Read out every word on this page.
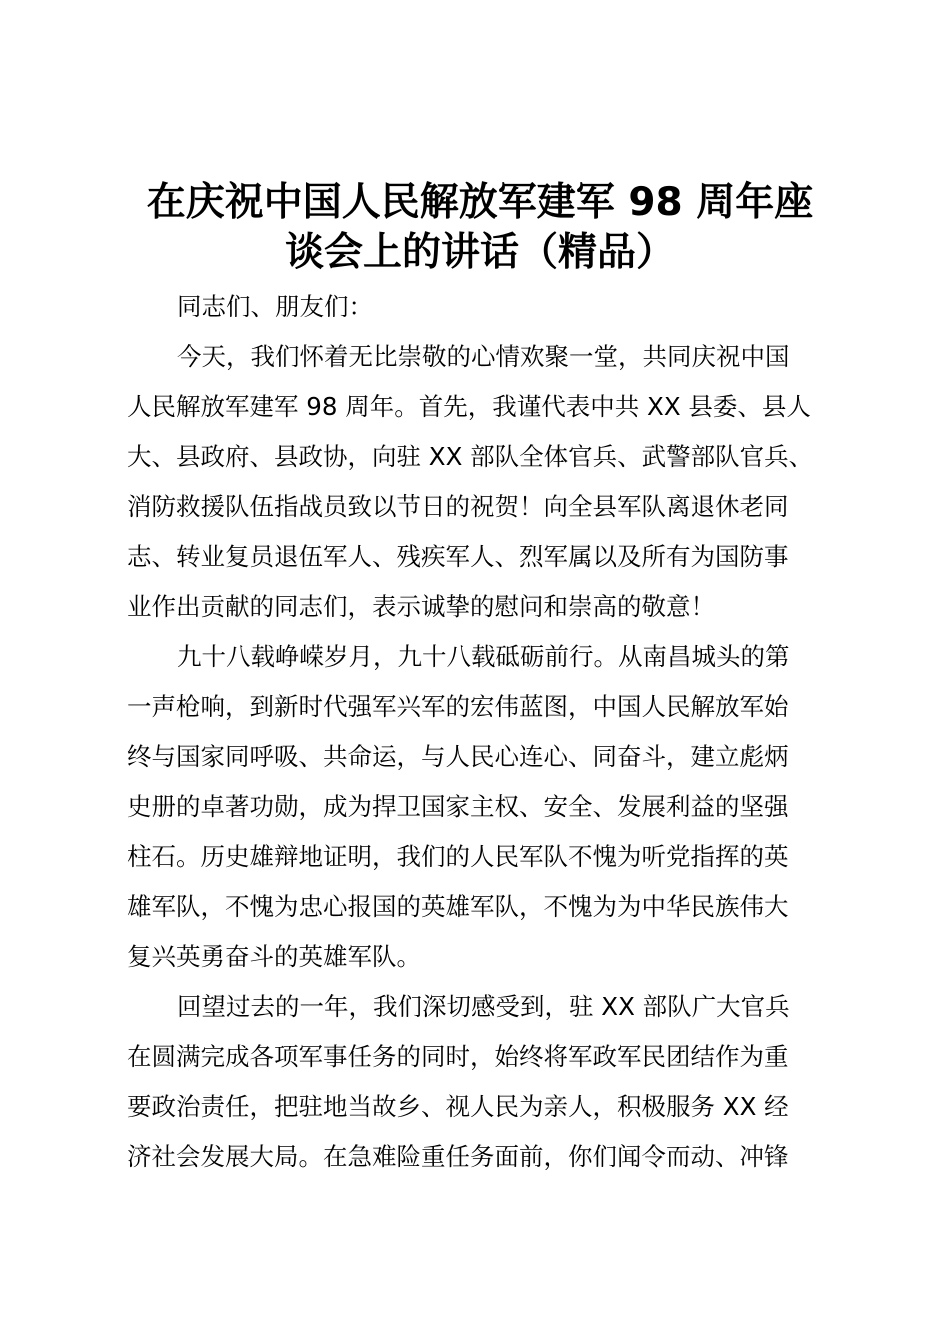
在庆祝中国人民解放军建军 98 周年座
谈会上的讲话（精品）
同志们、朋友们：
今天，我们怀着无比崇敬的心情欢聚一堂，共同庆祝中国
人民解放军建军 98 周年。首先，我谨代表中共 XX 县委、县人
大、县政府、县政协，向驻 XX 部队全体官兵、武警部队官兵、
消防救援队伍指战员致以节日的祝贺！向全县军队离退休老同
志、转业复员退伍军人、残疾军人、烈军属以及所有为国防事
业作出贡献的同志们，表示诚挚的慰问和崇高的敬意！
九十八载峥嵘岁月，九十八载砥砺前行。从南昌城头的第
一声枪响，到新时代强军兴军的宏伟蓝图，中国人民解放军始
终与国家同呼吸、共命运，与人民心连心、同奋斗，建立彪炳
史册的卓著功勋，成为捍卫国家主权、安全、发展利益的坚强
柱石。历史雄辩地证明，我们的人民军队不愧为听党指挥的英
雄军队，不愧为忠心报国的英雄军队，不愧为为中华民族伟大
复兴英勇奋斗的英雄军队。
回望过去的一年，我们深切感受到，驻 XX 部队广大官兵
在圆满完成各项军事任务的同时，始终将军政军民团结作为重
要政治责任，把驻地当故乡、视人民为亲人，积极服务 XX 经
济社会发展大局。在急难险重任务面前，你们闻令而动、冲锋
